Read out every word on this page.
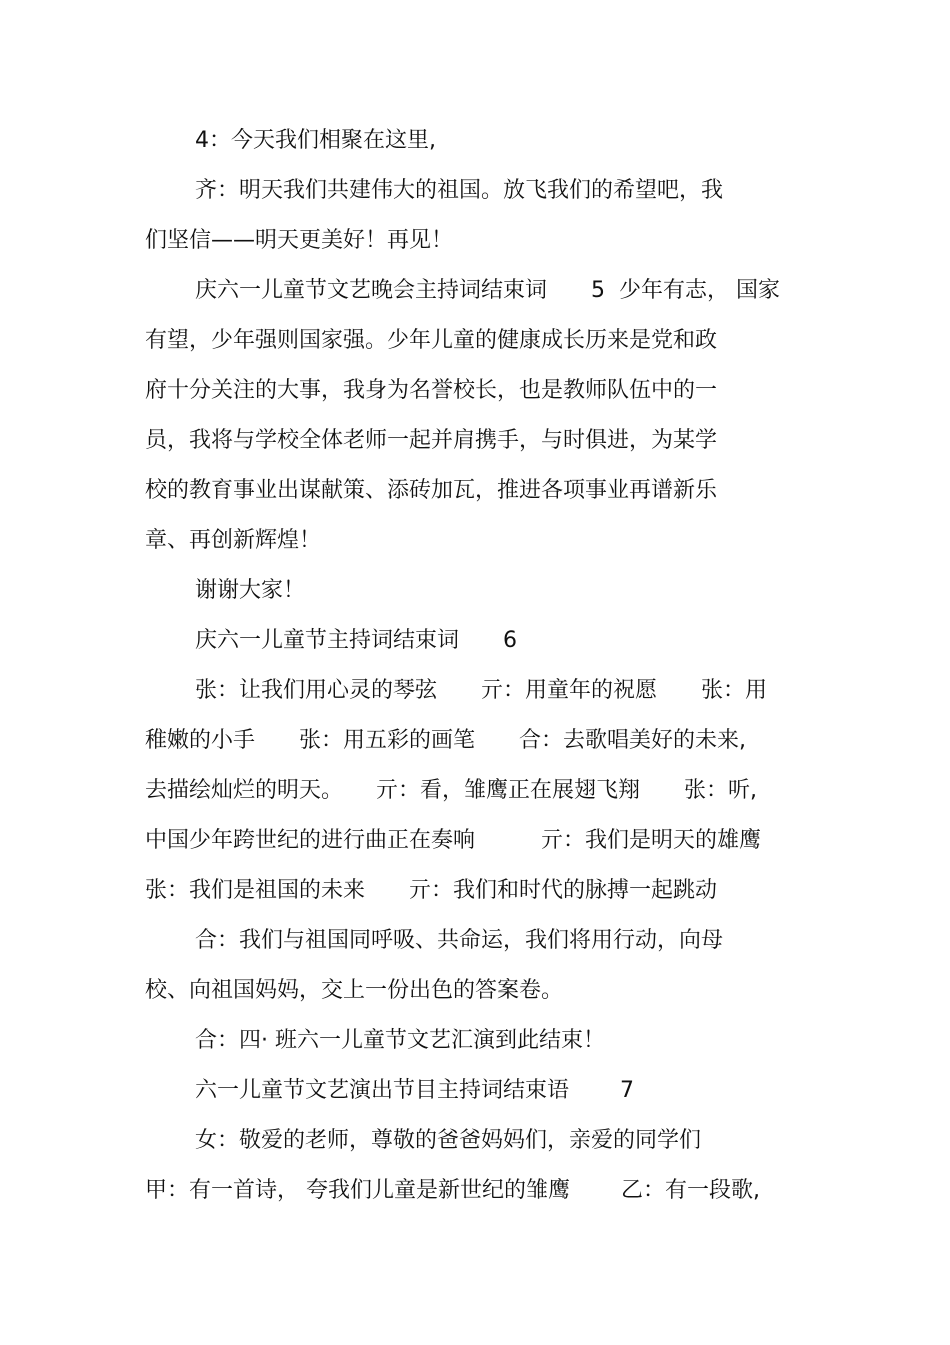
4：今天我们相聚在这里,
齐：明天我们共建伟大的祖国。放飞我们的希望吧，我
们坚信——明天更美好！再见！
庆六一儿童节文艺晚会主持词结束词　　5  少年有志， 国家
有望，少年强则国家强。少年儿童的健康成长历来是党和政
府十分关注的大事，我身为名誉校长，也是教师队伍中的一
员，我将与学校全体老师一起并肩携手，与时俱进，为某学
校的教育事业出谋献策、添砖加瓦，推进各项事业再谱新乐
章、再创新辉煌！
谢谢大家！
庆六一儿童节主持词结束词　　6
张：让我们用心灵的琴弦　　亓：用童年的祝愿　　张：用
稚嫩的小手　　张：用五彩的画笔　　合：去歌唱美好的未来,
去描绘灿烂的明天。　　亓：看，雏鹰正在展翅飞翔　　张：听,
中国少年跨世纪的进行曲正在奏响　　　亓：我们是明天的雄鹰
张：我们是祖国的未来　　亓：我们和时代的脉搏一起跳动
合：我们与祖国同呼吸、共命运，我们将用行动，向母
校、向祖国妈妈，交上一份出色的答案卷。
合：四· 班六一儿童节文艺汇演到此结束！
六一儿童节文艺演出节目主持词结束语　　 7
女：敬爱的老师，尊敬的爸爸妈妈们，亲爱的同学们
甲：有一首诗， 夸我们儿童是新世纪的雏鹰　　 乙：有一段歌,
